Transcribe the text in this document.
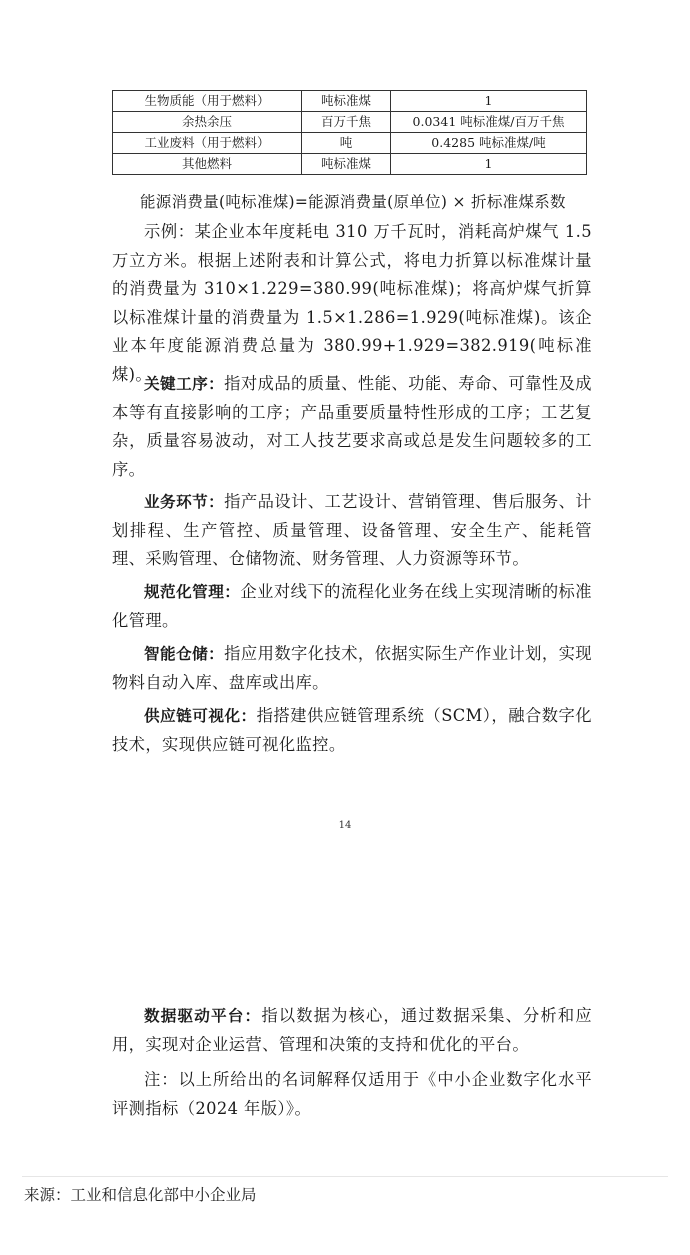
生物质能（用于燃料）	吨标准煤	1
余热余压	百万千焦	0.0341 吨标准煤/百万千焦
工业废料（用于燃料）	吨	0.4285 吨标准煤/吨
其他燃料	吨标准煤	1

能源消费量(吨标准煤)=能源消费量(原单位) × 折标准煤系数

示例：某企业本年度耗电 310 万千瓦时，消耗高炉煤气 1.5 万立方米。根据上述附表和计算公式，将电力折算以标准煤计量的消费量为 310×1.229=380.99(吨标准煤)；将高炉煤气折算以标准煤计量的消费量为 1.5×1.286=1.929(吨标准煤)。该企业本年度能源消费总量为 380.99+1.929=382.919(吨标准煤)。

关键工序：指对成品的质量、性能、功能、寿命、可靠性及成本等有直接影响的工序；产品重要质量特性形成的工序；工艺复杂，质量容易波动，对工人技艺要求高或总是发生问题较多的工序。

业务环节：指产品设计、工艺设计、营销管理、售后服务、计划排程、生产管控、质量管理、设备管理、安全生产、能耗管理、采购管理、仓储物流、财务管理、人力资源等环节。

规范化管理：企业对线下的流程化业务在线上实现清晰的标准化管理。

智能仓储：指应用数字化技术，依据实际生产作业计划，实现物料自动入库、盘库或出库。

供应链可视化：指搭建供应链管理系统（SCM），融合数字化技术，实现供应链可视化监控。

14

数据驱动平台：指以数据为核心，通过数据采集、分析和应用，实现对企业运营、管理和决策的支持和优化的平台。

注：以上所给出的名词解释仅适用于《中小企业数字化水平评测指标（2024 年版）》。

来源：工业和信息化部中小企业局
